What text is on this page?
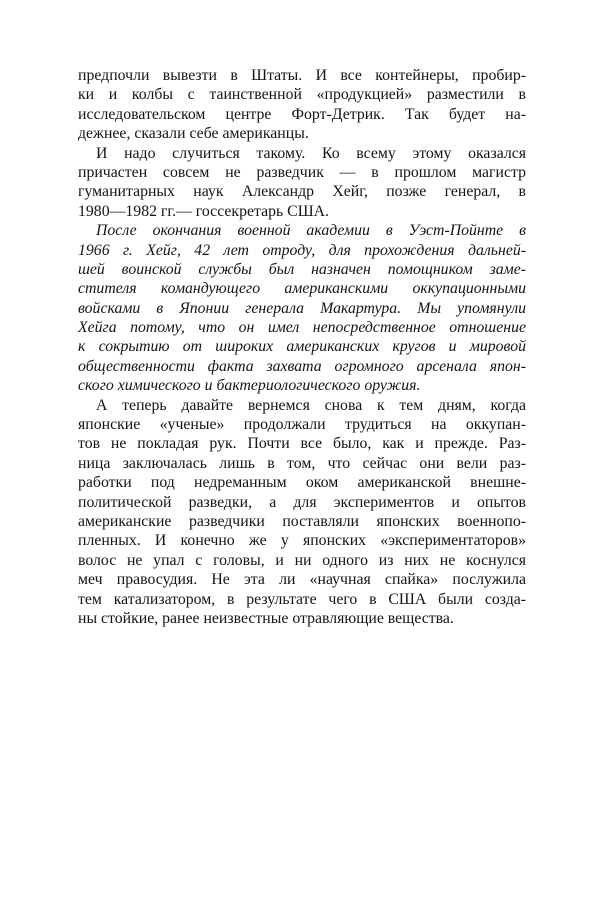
предпочли вывезти в Штаты. И все контейнеры, пробир-
ки и колбы с таинственной «продукцией» разместили в
исследовательском центре Форт-Детрик. Так будет на-
дежнее, сказали себе американцы.
И надо случиться такому. Ко всему этому оказался
причастен совсем не разведчик — в прошлом магистр
гуманитарных наук Александр Хейг, позже генерал, в
1980—1982 гг.— госсекретарь США.
После окончания военной академии в Уэст-Пойнте в
1966 г. Хейг, 42 лет отроду, для прохождения дальней-
шей воинской службы был назначен помощником заме-
стителя командующего американскими оккупационными
войсками в Японии генерала Макартура. Мы упомянули
Хейга потому, что он имел непосредственное отношение
к сокрытию от широких американских кругов и мировой
общественности факта захвата огромного арсенала япон-
ского химического и бактериологического оружия.
А теперь давайте вернемся снова к тем дням, когда
японские «ученые» продолжали трудиться на оккупан-
тов не покладая рук. Почти все было, как и прежде. Раз-
ница заключалась лишь в том, что сейчас они вели раз-
работки под недреманным оком американской внешне-
политической разведки, а для экспериментов и опытов
американские разведчики поставляли японских военнопо-
пленных. И конечно же у японских «экспериментаторов»
волос не упал с головы, и ни одного из них не коснулся
меч правосудия. Не эта ли «научная спайка» послужила
тем катализатором, в результате чего в США были созда-
ны стойкие, ранее неизвестные отравляющие вещества.
